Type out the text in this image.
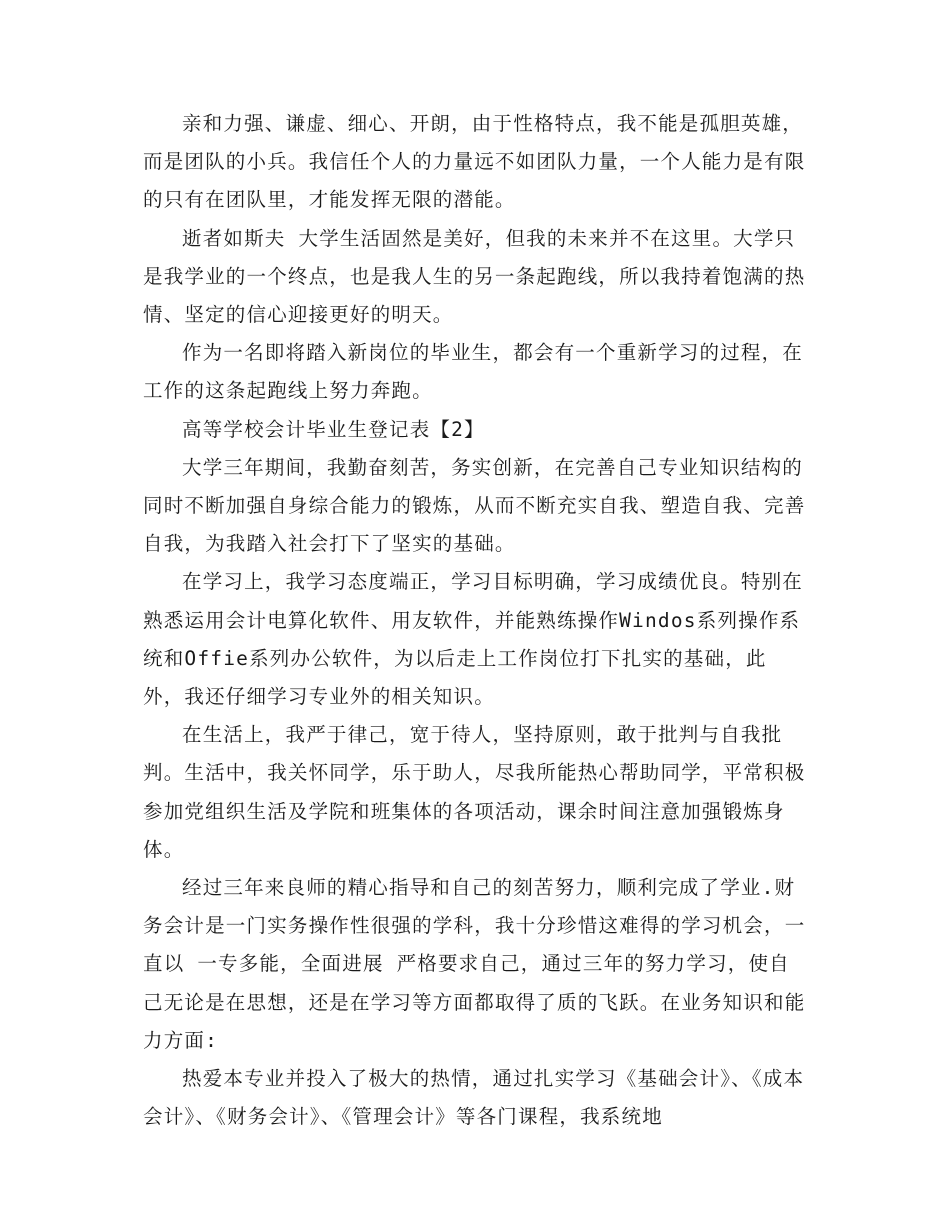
亲和力强、谦虚、细心、开朗，由于性格特点，我不能是孤胆英雄，而是团队的小兵。我信任个人的力量远不如团队力量，一个人能力是有限的只有在团队里，才能发挥无限的潜能。

逝者如斯夫 大学生活固然是美好，但我的未来并不在这里。大学只是我学业的一个终点，也是我人生的另一条起跑线，所以我持着饱满的热情、坚定的信心迎接更好的明天。

作为一名即将踏入新岗位的毕业生，都会有一个重新学习的过程，在工作的这条起跑线上努力奔跑。

高等学校会计毕业生登记表【2】

大学三年期间，我勤奋刻苦，务实创新，在完善自己专业知识结构的同时不断加强自身综合能力的锻炼，从而不断充实自我、塑造自我、完善自我，为我踏入社会打下了坚实的基础。

在学习上，我学习态度端正，学习目标明确，学习成绩优良。特别在熟悉运用会计电算化软件、用友软件，并能熟练操作Windos系列操作系统和Offie系列办公软件，为以后走上工作岗位打下扎实的基础，此外，我还仔细学习专业外的相关知识。

在生活上，我严于律己，宽于待人，坚持原则，敢于批判与自我批判。生活中，我关怀同学，乐于助人，尽我所能热心帮助同学，平常积极参加党组织生活及学院和班集体的各项活动，课余时间注意加强锻炼身体。

经过三年来良师的精心指导和自己的刻苦努力，顺利完成了学业.财务会计是一门实务操作性很强的学科，我十分珍惜这难得的学习机会，一直以 一专多能，全面进展 严格要求自己，通过三年的努力学习，使自己无论是在思想，还是在学习等方面都取得了质的飞跃。在业务知识和能力方面:

热爱本专业并投入了极大的热情，通过扎实学习《基础会计》、《成本会计》、《财务会计》、《管理会计》等各门课程，我系统地
